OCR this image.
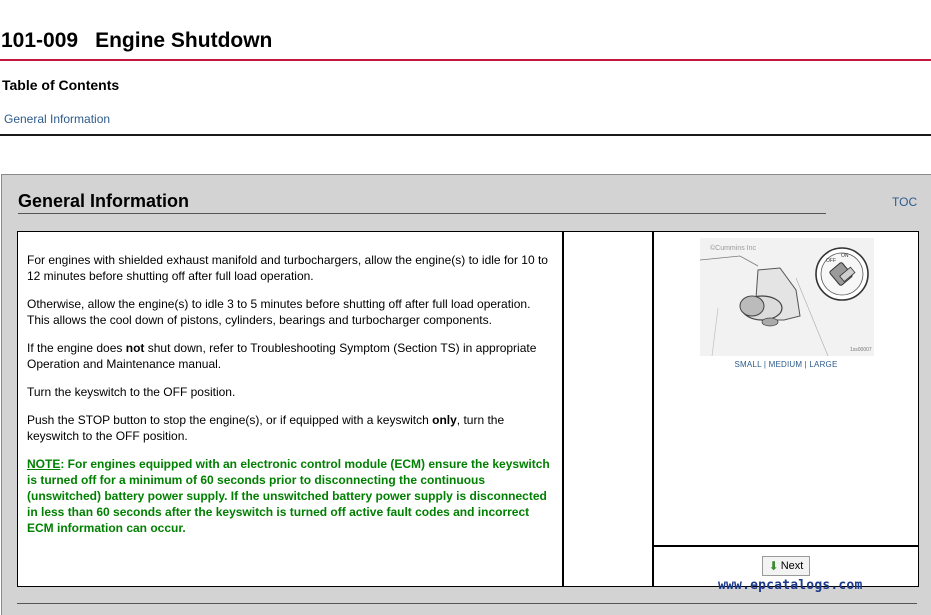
101-009 Engine Shutdown
Table of Contents
General Information
General Information	TOC

For engines with shielded exhaust manifold and turbochargers, allow the engine(s) to idle for 10 to 12 minutes before shutting off after full load operation.

Otherwise, allow the engine(s) to idle 3 to 5 minutes before shutting off after full load operation. This allows the cool down of pistons, cylinders, bearings and turbocharger components.

If the engine does not shut down, refer to Troubleshooting Symptom (Section TS) in appropriate Operation and Maintenance manual.

Turn the keyswitch to the OFF position.

Push the STOP button to stop the engine(s), or if equipped with a keyswitch only, turn the keyswitch to the OFF position.

NOTE: For engines equipped with an electronic control module (ECM) ensure the keyswitch is turned off for a minimum of 60 seconds prior to disconnecting the continuous (unswitched) battery power supply. If the unswitched battery power supply is disconnected in less than 60 seconds after the keyswitch is turned off active fault codes and incorrect ECM information can occur.

©Cummins Inc
OFF
ON
1ss00007
SMALL | MEDIUM | LARGE
⬇ Next
www.epcatalogs.com
